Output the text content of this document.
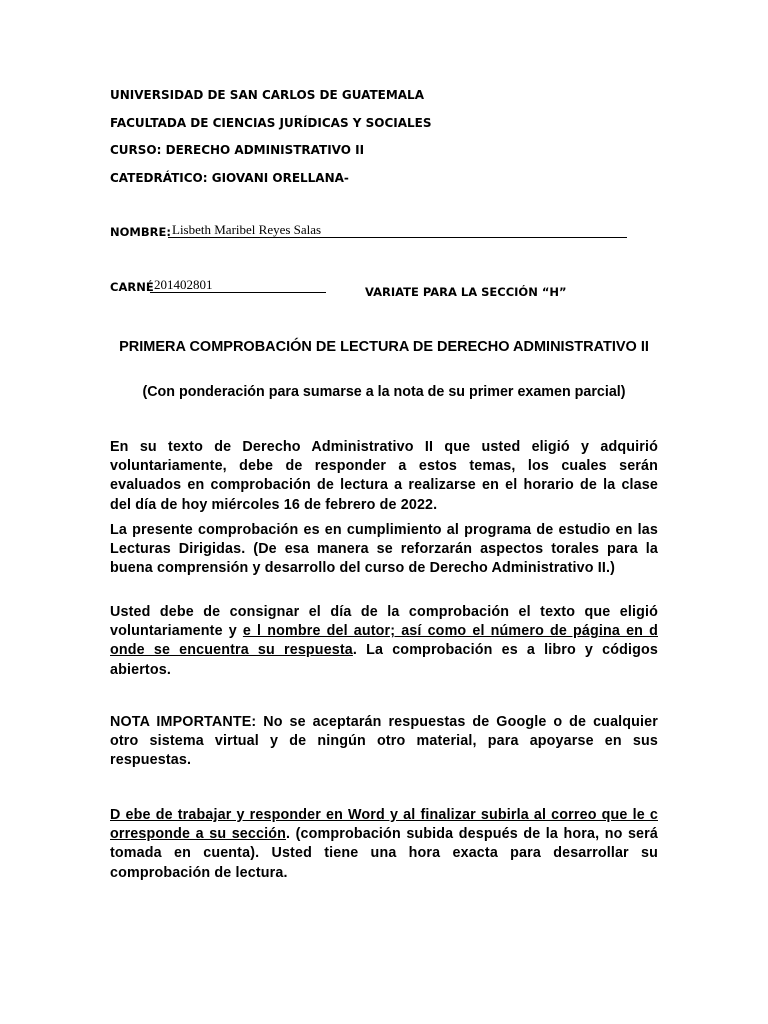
UNIVERSIDAD DE SAN CARLOS DE GUATEMALA
FACULTADA DE CIENCIAS JURÍDICAS Y SOCIALES
CURSO: DERECHO ADMINISTRATIVO II
CATEDRÁTICO: GIOVANI ORELLANA-
NOMBRE: Lisbeth Maribel Reyes Salas
CARNÉ 201402801	VARIATE PARA LA SECCIÓN “H”
PRIMERA COMPROBACIÓN DE LECTURA DE DERECHO ADMINISTRATIVO II
(Con ponderación para sumarse a la nota de su primer examen parcial)
En su texto de Derecho Administrativo II que usted eligió y adquirió voluntariamente, debe de responder a estos temas, los cuales serán evaluados en comprobación de lectura a realizarse en el horario de la clase del día de hoy miércoles 16 de febrero de 2022.
La presente comprobación es en cumplimiento al programa de estudio en las Lecturas Dirigidas. (De esa manera se reforzarán aspectos torales para la buena comprensión y desarrollo del curso de Derecho Administrativo II.)
Usted debe de consignar el día de la comprobación el texto que eligió voluntariamente y e l nombre del autor; así como el número de página en d onde se encuentra su respuesta. La comprobación es a libro y códigos abiertos.
NOTA IMPORTANTE: No se aceptarán respuestas de Google o de cualquier otro sistema virtual y de ningún otro material, para apoyarse en sus respuestas.
D ebe de trabajar y responder en Word y al finalizar subirla al correo que le c orresponde a su sección. (comprobación subida después de la hora, no será tomada en cuenta). Usted tiene una hora exacta para desarrollar su comprobación de lectura.
